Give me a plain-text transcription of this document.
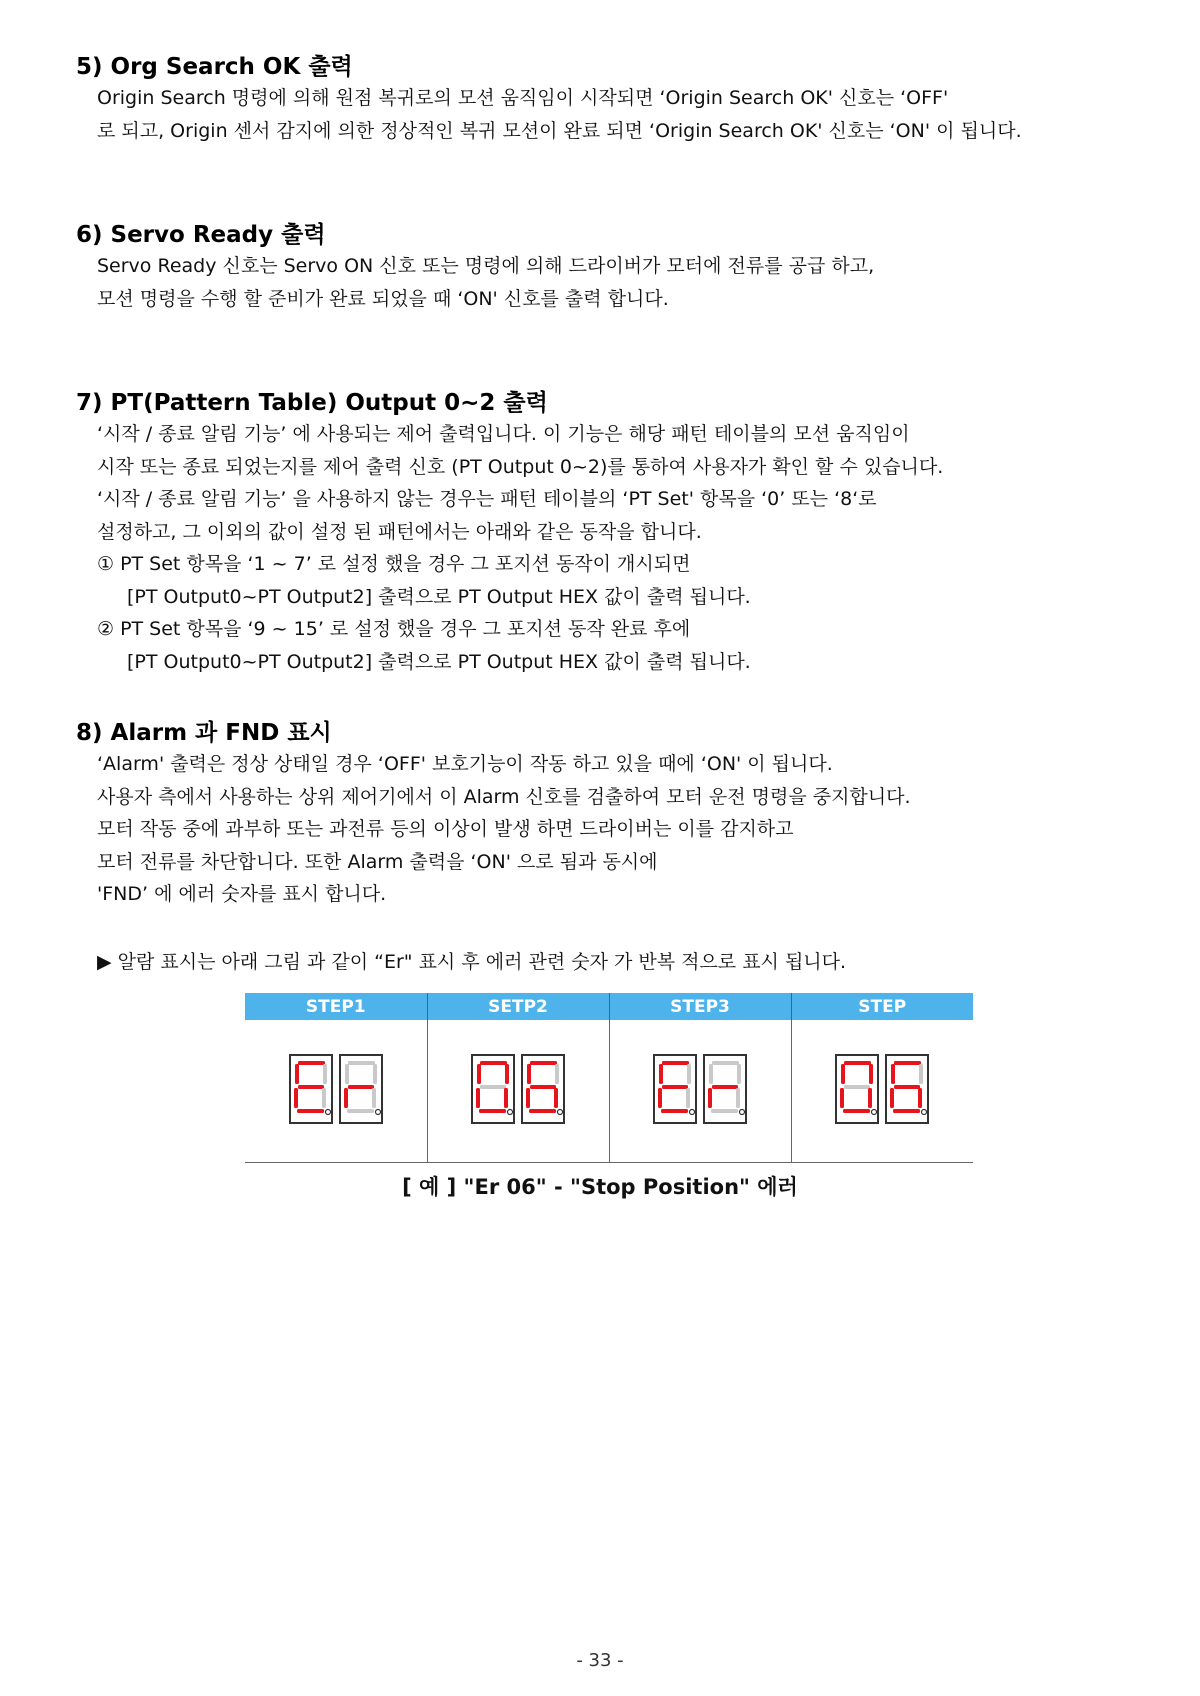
5) Org Search OK 출력
Origin Search 명령에 의해 원점 복귀로의 모션 움직임이 시작되면 ‘Origin Search OK' 신호는 ‘OFF'
로 되고, Origin 센서 감지에 의한 정상적인 복귀 모션이 완료 되면 ‘Origin Search OK' 신호는 ‘ON' 이 됩니다.
6) Servo Ready 출력
Servo Ready 신호는 Servo ON 신호 또는 명령에 의해 드라이버가 모터에 전류를 공급 하고,
모션 명령을 수행 할 준비가 완료 되었을 때 ‘ON' 신호를 출력 합니다.
7) PT(Pattern Table) Output 0~2 출력
‘시작 / 종료 알림 기능’ 에 사용되는 제어 출력입니다. 이 기능은 해당 패턴 테이블의 모션 움직임이
시작 또는 종료 되었는지를 제어 출력 신호 (PT Output 0~2)를 통하여 사용자가 확인 할 수 있습니다.
‘시작 / 종료 알림 기능’ 을 사용하지 않는 경우는 패턴 테이블의 ‘PT Set' 항목을 ‘0’ 또는 ‘8‘로
설정하고, 그 이외의 값이 설정 된 패턴에서는 아래와 같은 동작을 합니다.
① PT Set 항목을 ‘1 ~ 7’ 로 설정 했을 경우 그 포지션 동작이 개시되면
[PT Output0~PT Output2] 출력으로 PT Output HEX 값이 출력 됩니다.
② PT Set 항목을 ‘9 ~ 15’ 로 설정 했을 경우 그 포지션 동작 완료 후에
[PT Output0~PT Output2] 출력으로 PT Output HEX 값이 출력 됩니다.
8) Alarm 과 FND 표시
‘Alarm' 출력은 정상 상태일 경우 ‘OFF' 보호기능이 작동 하고 있을 때에 ‘ON' 이 됩니다.
사용자 측에서 사용하는 상위 제어기에서 이 Alarm 신호를 검출하여 모터 운전 명령을 중지합니다.
모터 작동 중에 과부하 또는 과전류 등의 이상이 발생 하면 드라이버는 이를 감지하고
모터 전류를 차단합니다. 또한 Alarm 출력을 ‘ON' 으로 됨과 동시에
'FND’ 에 에러 숫자를 표시 합니다.
▶ 알람 표시는 아래 그림 과 같이 “Er" 표시 후 에러 관련 숫자 가 반복 적으로 표시 됩니다.
STEP1	SETP2	STEP3	STEP

[ 예 ] "Er 06" - "Stop Position" 에러
- 33 -
